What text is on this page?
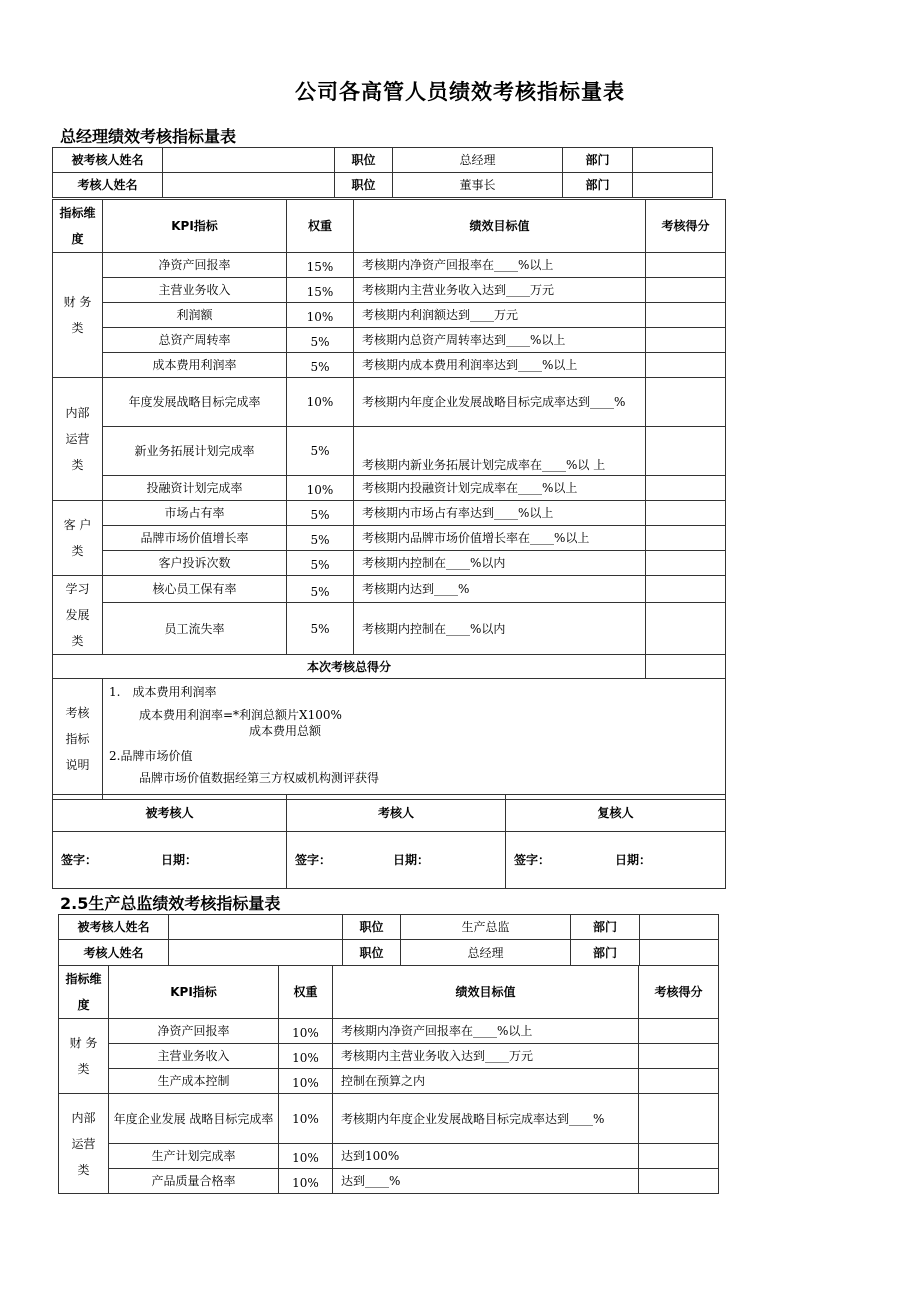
公司各高管人员绩效考核指标量表
总经理绩效考核指标量表
被考核人姓名		职位	总经理	部门	
考核人姓名		职位	董事长	部门	
指标维度	KPI指标	权重	绩效目标值	考核得分
财 务 类	净资产回报率	15%	考核期内净资产回报率在____%以上	
	主营业务收入	15%	考核期内主营业务收入达到____万元	
	利润额	10%	考核期内利润额达到____万元	
	总资产周转率	5%	考核期内总资产周转率达到____%以上	
	成本费用利润率	5%	考核期内成本费用利润率达到____%以上	
内部运营类	年度发展战略目标完成率	10%	考核期内年度企业发展战略目标完成率达到____%	
	新业务拓展计划完成率	5%	考核期内新业务拓展计划完成率在____%以 上	
	投融资计划完成率	10%	考核期内投融资计划完成率在____%以上	
客 户 类	市场占有率	5%	考核期内市场占有率达到____%以上	
	品牌市场价值增长率	5%	考核期内品牌市场价值增长率在____%以上	
	客户投诉次数	5%	考核期内控制在____%以内	
学习发展类	核心员工保有率	5%	考核期内达到____%	
	员工流失率	5%	考核期内控制在____%以内	
本次考核总得分				
考核指标说明	1.　成本费用利润率
成本费用利润率=*利润总额片X100%
成本费用总额
2.品牌市场价值
品牌市场价值数据经第三方权威机构测评获得			
被考核人	考核人	复核人
签字： 日期：	签字： 日期：	签字： 日期：
2.5生产总监绩效考核指标量表
被考核人姓名		职位	生产总监	部门	
考核人姓名		职位	总经理	部门	
指标维度	KPI指标	权重	绩效目标值	考核得分
财 务 类	净资产回报率	10%	考核期内净资产回报率在____%以上	
	主营业务收入	10%	考核期内主营业务收入达到____万元	
	生产成本控制	10%	控制在预算之内	
内部运营类	年度企业发展 战略目标完成率	10%	考核期内年度企业发展战略目标完成率达到____%	
	生产计划完成率	10%	达到100%	
	产品质量合格率	10%	达到____%	
